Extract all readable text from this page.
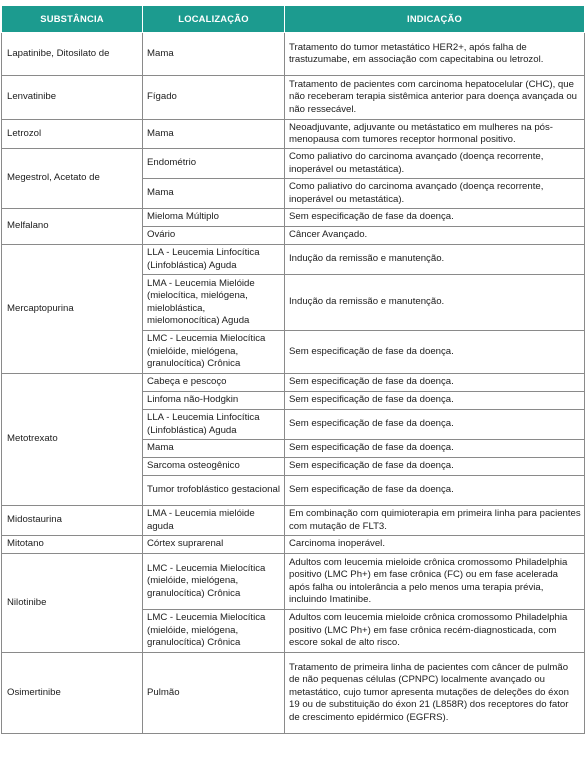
SUBSTÂNCIA	LOCALIZAÇÃO	INDICAÇÃO
Lapatinibe, Ditosilato de	Mama	Tratamento do tumor metastático HER2+, após falha de trastuzumabe, em associação com capecitabina ou letrozol.
Lenvatinibe	Fígado	Tratamento de pacientes com carcinoma hepatocelular (CHC), que não receberam terapia sistêmica anterior para doença avançada ou não ressecável.
Letrozol	Mama	Neoadjuvante, adjuvante ou metástatico em mulheres na pós-menopausa com tumores receptor hormonal positivo.
Megestrol, Acetato de	Endométrio	Como paliativo do carcinoma avançado (doença recorrente, inoperável ou metastática).
	Mama	Como paliativo do carcinoma avançado (doença recorrente, inoperável ou metastática).
Melfalano	Mieloma Múltiplo	Sem especificação de fase da doença.
	Ovário	Câncer Avançado.
Mercaptopurina	LLA - Leucemia Linfocítica (Linfoblástica) Aguda	Indução da remissão e manutenção.
	LMA - Leucemia Mielóide (mielocítica, mielógena, mieloblástica, mielomonocítica) Aguda	Indução da remissão e manutenção.
	LMC - Leucemia Mielocítica (mielóide, mielógena, granulocítica) Crônica	Sem especificação de fase da doença.
Metotrexato	Cabeça e pescoço	Sem especificação de fase da doença.
	Linfoma não-Hodgkin	Sem especificação de fase da doença.
	LLA - Leucemia Linfocítica (Linfoblástica) Aguda	Sem especificação de fase da doença.
	Mama	Sem especificação de fase da doença.
	Sarcoma osteogênico	Sem especificação de fase da doença.
	Tumor trofoblástico gestacional	Sem especificação de fase da doença.
Midostaurina	LMA - Leucemia mielóide aguda	Em combinação com quimioterapia em primeira linha para pacientes com mutação de FLT3.
Mitotano	Córtex suprarenal	Carcinoma inoperável.
Nilotinibe	LMC - Leucemia Mielocítica (mielóide, mielógena, granulocítica) Crônica	Adultos com leucemia mieloide crônica cromossomo Philadelphia positivo (LMC Ph+) em fase crônica (FC) ou em fase acelerada após falha ou intolerância a pelo menos uma terapia prévia, incluindo Imatinibe.
	LMC - Leucemia Mielocítica (mielóide, mielógena, granulocítica) Crônica	Adultos com leucemia mieloide crônica cromossomo Philadelphia positivo (LMC Ph+) em fase crônica recém-diagnosticada, com escore sokal de alto risco.
Osimertinibe	Pulmão	Tratamento de primeira linha de pacientes com câncer de pulmão de não pequenas células (CPNPC) localmente avançado ou metastático, cujo tumor apresenta mutações de deleções do éxon 19 ou de substituição do éxon 21 (L858R) dos receptores do fator de crescimento epidérmico (EGFRS).
